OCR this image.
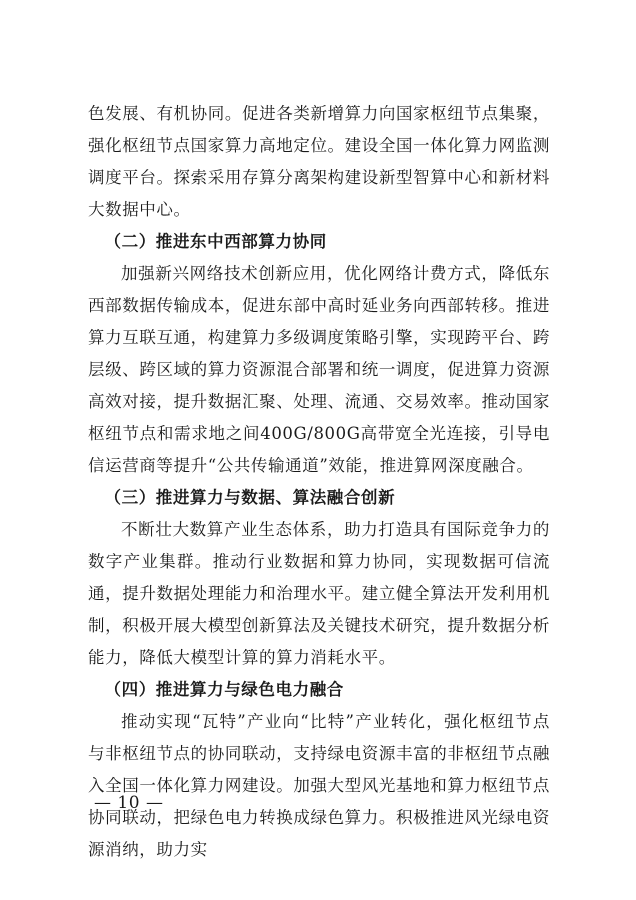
色发展、有机协同。促进各类新增算力向国家枢纽节点集聚，强化枢纽节点国家算力高地定位。建设全国一体化算力网监测调度平台。探索采用存算分离架构建设新型智算中心和新材料大数据中心。

（二）推进东中西部算力协同

加强新兴网络技术创新应用，优化网络计费方式，降低东西部数据传输成本，促进东部中高时延业务向西部转移。推进算力互联互通，构建算力多级调度策略引擎，实现跨平台、跨层级、跨区域的算力资源混合部署和统一调度，促进算力资源高效对接，提升数据汇聚、处理、流通、交易效率。推动国家枢纽节点和需求地之间400G/800G高带宽全光连接，引导电信运营商等提升“公共传输通道”效能，推进算网深度融合。

（三）推进算力与数据、算法融合创新

不断壮大数算产业生态体系，助力打造具有国际竞争力的数字产业集群。推动行业数据和算力协同，实现数据可信流通，提升数据处理能力和治理水平。建立健全算法开发利用机制，积极开展大模型创新算法及关键技术研究，提升数据分析能力，降低大模型计算的算力消耗水平。

（四）推进算力与绿色电力融合

推动实现“瓦特”产业向“比特”产业转化，强化枢纽节点与非枢纽节点的协同联动，支持绿电资源丰富的非枢纽节点融入全国一体化算力网建设。加强大型风光基地和算力枢纽节点协同联动，把绿色电力转换成绿色算力。积极推进风光绿电资源消纳，助力实

— 10 —
